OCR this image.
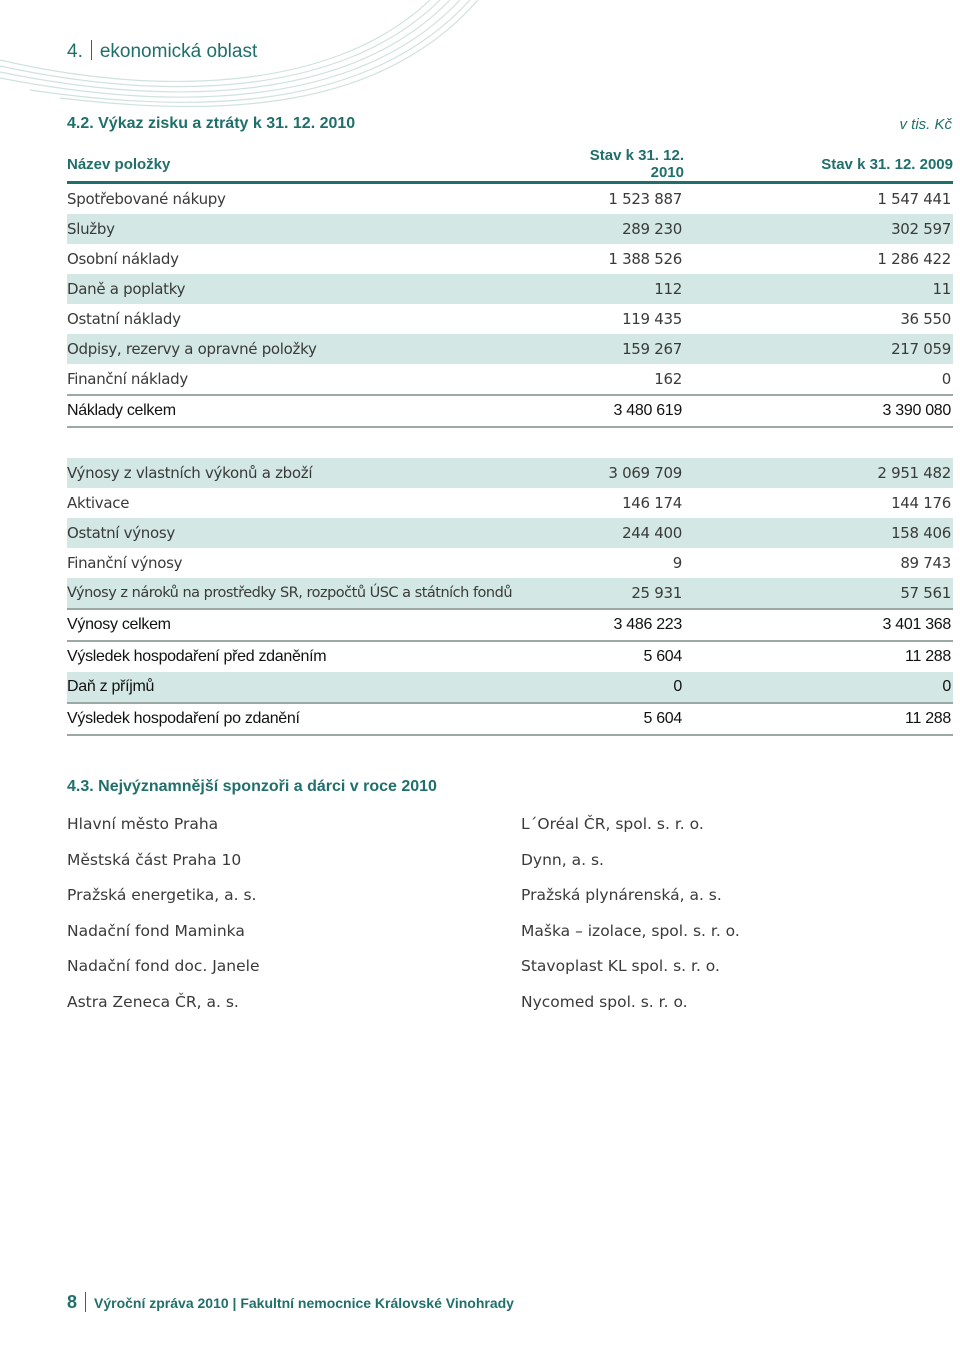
4. ekonomická oblast
4.2. Výkaz zisku a ztráty k 31. 12. 2010	v tis. Kč
Název položky	Stav k 31. 12. 2010	Stav k 31. 12. 2009
Spotřebované nákupy	1 523 887	1 547 441
Služby	289 230	302 597
Osobní náklady	1 388 526	1 286 422
Daně a poplatky	112	11
Ostatní náklady	119 435	36 550
Odpisy, rezervy a opravné položky	159 267	217 059
Finanční náklady	162	0
Náklady celkem	3 480 619	3 390 080

Výnosy z vlastních výkonů a zboží	3 069 709	2 951 482
Aktivace	146 174	144 176
Ostatní výnosy	244 400	158 406
Finanční výnosy	9	89 743
Výnosy z nároků na prostředky SR, rozpočtů ÚSC a státních fondů	25 931	57 561
Výnosy celkem	3 486 223	3 401 368
Výsledek hospodaření před zdaněním	5 604	11 288
Daň z příjmů	0	0
Výsledek hospodaření po zdanění	5 604	11 288
4.3. Nejvýznamnější sponzoři a dárci v roce 2010
Hlavní město Praha
Městská část Praha 10
Pražská energetika, a. s.
Nadační fond Maminka
Nadační fond doc. Janele
Astra Zeneca ČR, a. s.
L´Oréal ČR, spol. s. r. o.
Dynn, a. s.
Pražská plynárenská, a. s.
Maška – izolace, spol. s. r. o.
Stavoplast KL spol. s. r. o.
Nycomed spol. s. r. o.
8 Výroční zpráva 2010 | Fakultní nemocnice Královské Vinohrady
